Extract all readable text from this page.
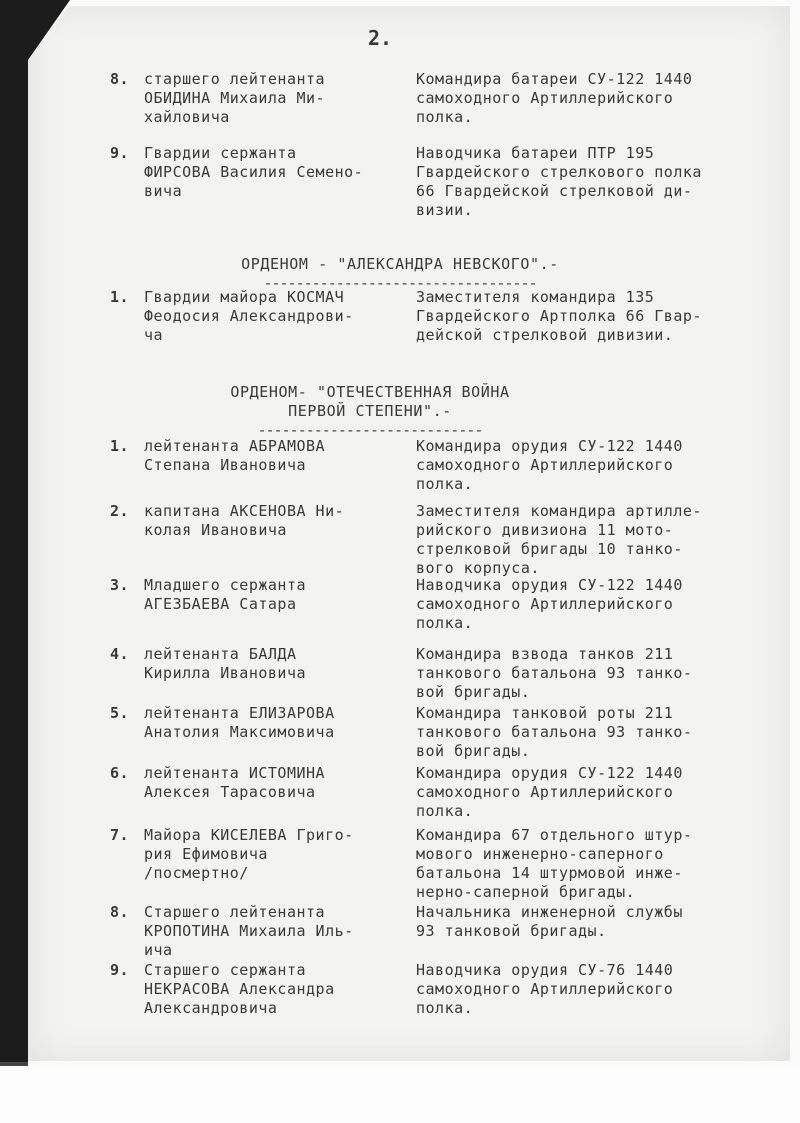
2.
8. старшего лейтенанта
ОБИДИНА Михаила Ми-
хайловича
Командира батареи СУ-122 1440
самоходного Артиллерийского
полка.
9. Гвардии сержанта
ФИРСОВА Василия Семено-
вича
Наводчика батареи ПТР 195
Гвардейского стрелкового полка
66 Гвардейской стрелковой ди-
визии.

ОРДЕНОМ - "АЛЕКСАНДРА НЕВСКОГО".-

----------------------------------

1. Гвардии майора КОСМАЧ
Феодосия Александрови-
ча
Заместителя командира 135
Гвардейского Артполка 66 Гвар-
дейской стрелковой дивизии.

ОРДЕНОМ- "ОТЕЧЕСТВЕННАЯ ВОЙНА
ПЕРВОЙ СТЕПЕНИ".-

----------------------------

1. лейтенанта АБРАМОВА
Степана Ивановича
Командира орудия СУ-122 1440
самоходного Артиллерийского
полка.
2. капитана АКСЕНОВА Ни-
колая Ивановича
Заместителя командира артилле-
рийского дивизиона 11 мото-
стрелковой бригады 10 танко-
вого корпуса.
3. Младшего сержанта
АГЕЗБАЕВА Сатара
Наводчика орудия СУ-122 1440
самоходного Артиллерийского
полка.
4. лейтенанта БАЛДА
Кирилла Ивановича
Командира взвода танков 211
танкового батальона 93 танко-
вой бригады.
5. лейтенанта ЕЛИЗАРОВА
Анатолия Максимовича
Командира танковой роты 211
танкового батальона 93 танко-
вой бригады.
6. лейтенанта ИСТОМИНА
Алексея Тарасовича
Командира орудия СУ-122 1440
самоходного Артиллерийского
полка.
7. Майора КИСЕЛЕВА Григо-
рия Ефимовича
/посмертно/
Командира 67 отдельного штур-
мового инженерно-саперного
батальона 14 штурмовой инже-
нерно-саперной бригады.
8. Старшего лейтенанта
КРОПОТИНА Михаила Иль-
ича
Начальника инженерной службы
93 танковой бригады.
9. Старшего сержанта
НЕКРАСОВА Александра
Александровича
Наводчика орудия СУ-76 1440
самоходного Артиллерийского
полка.
